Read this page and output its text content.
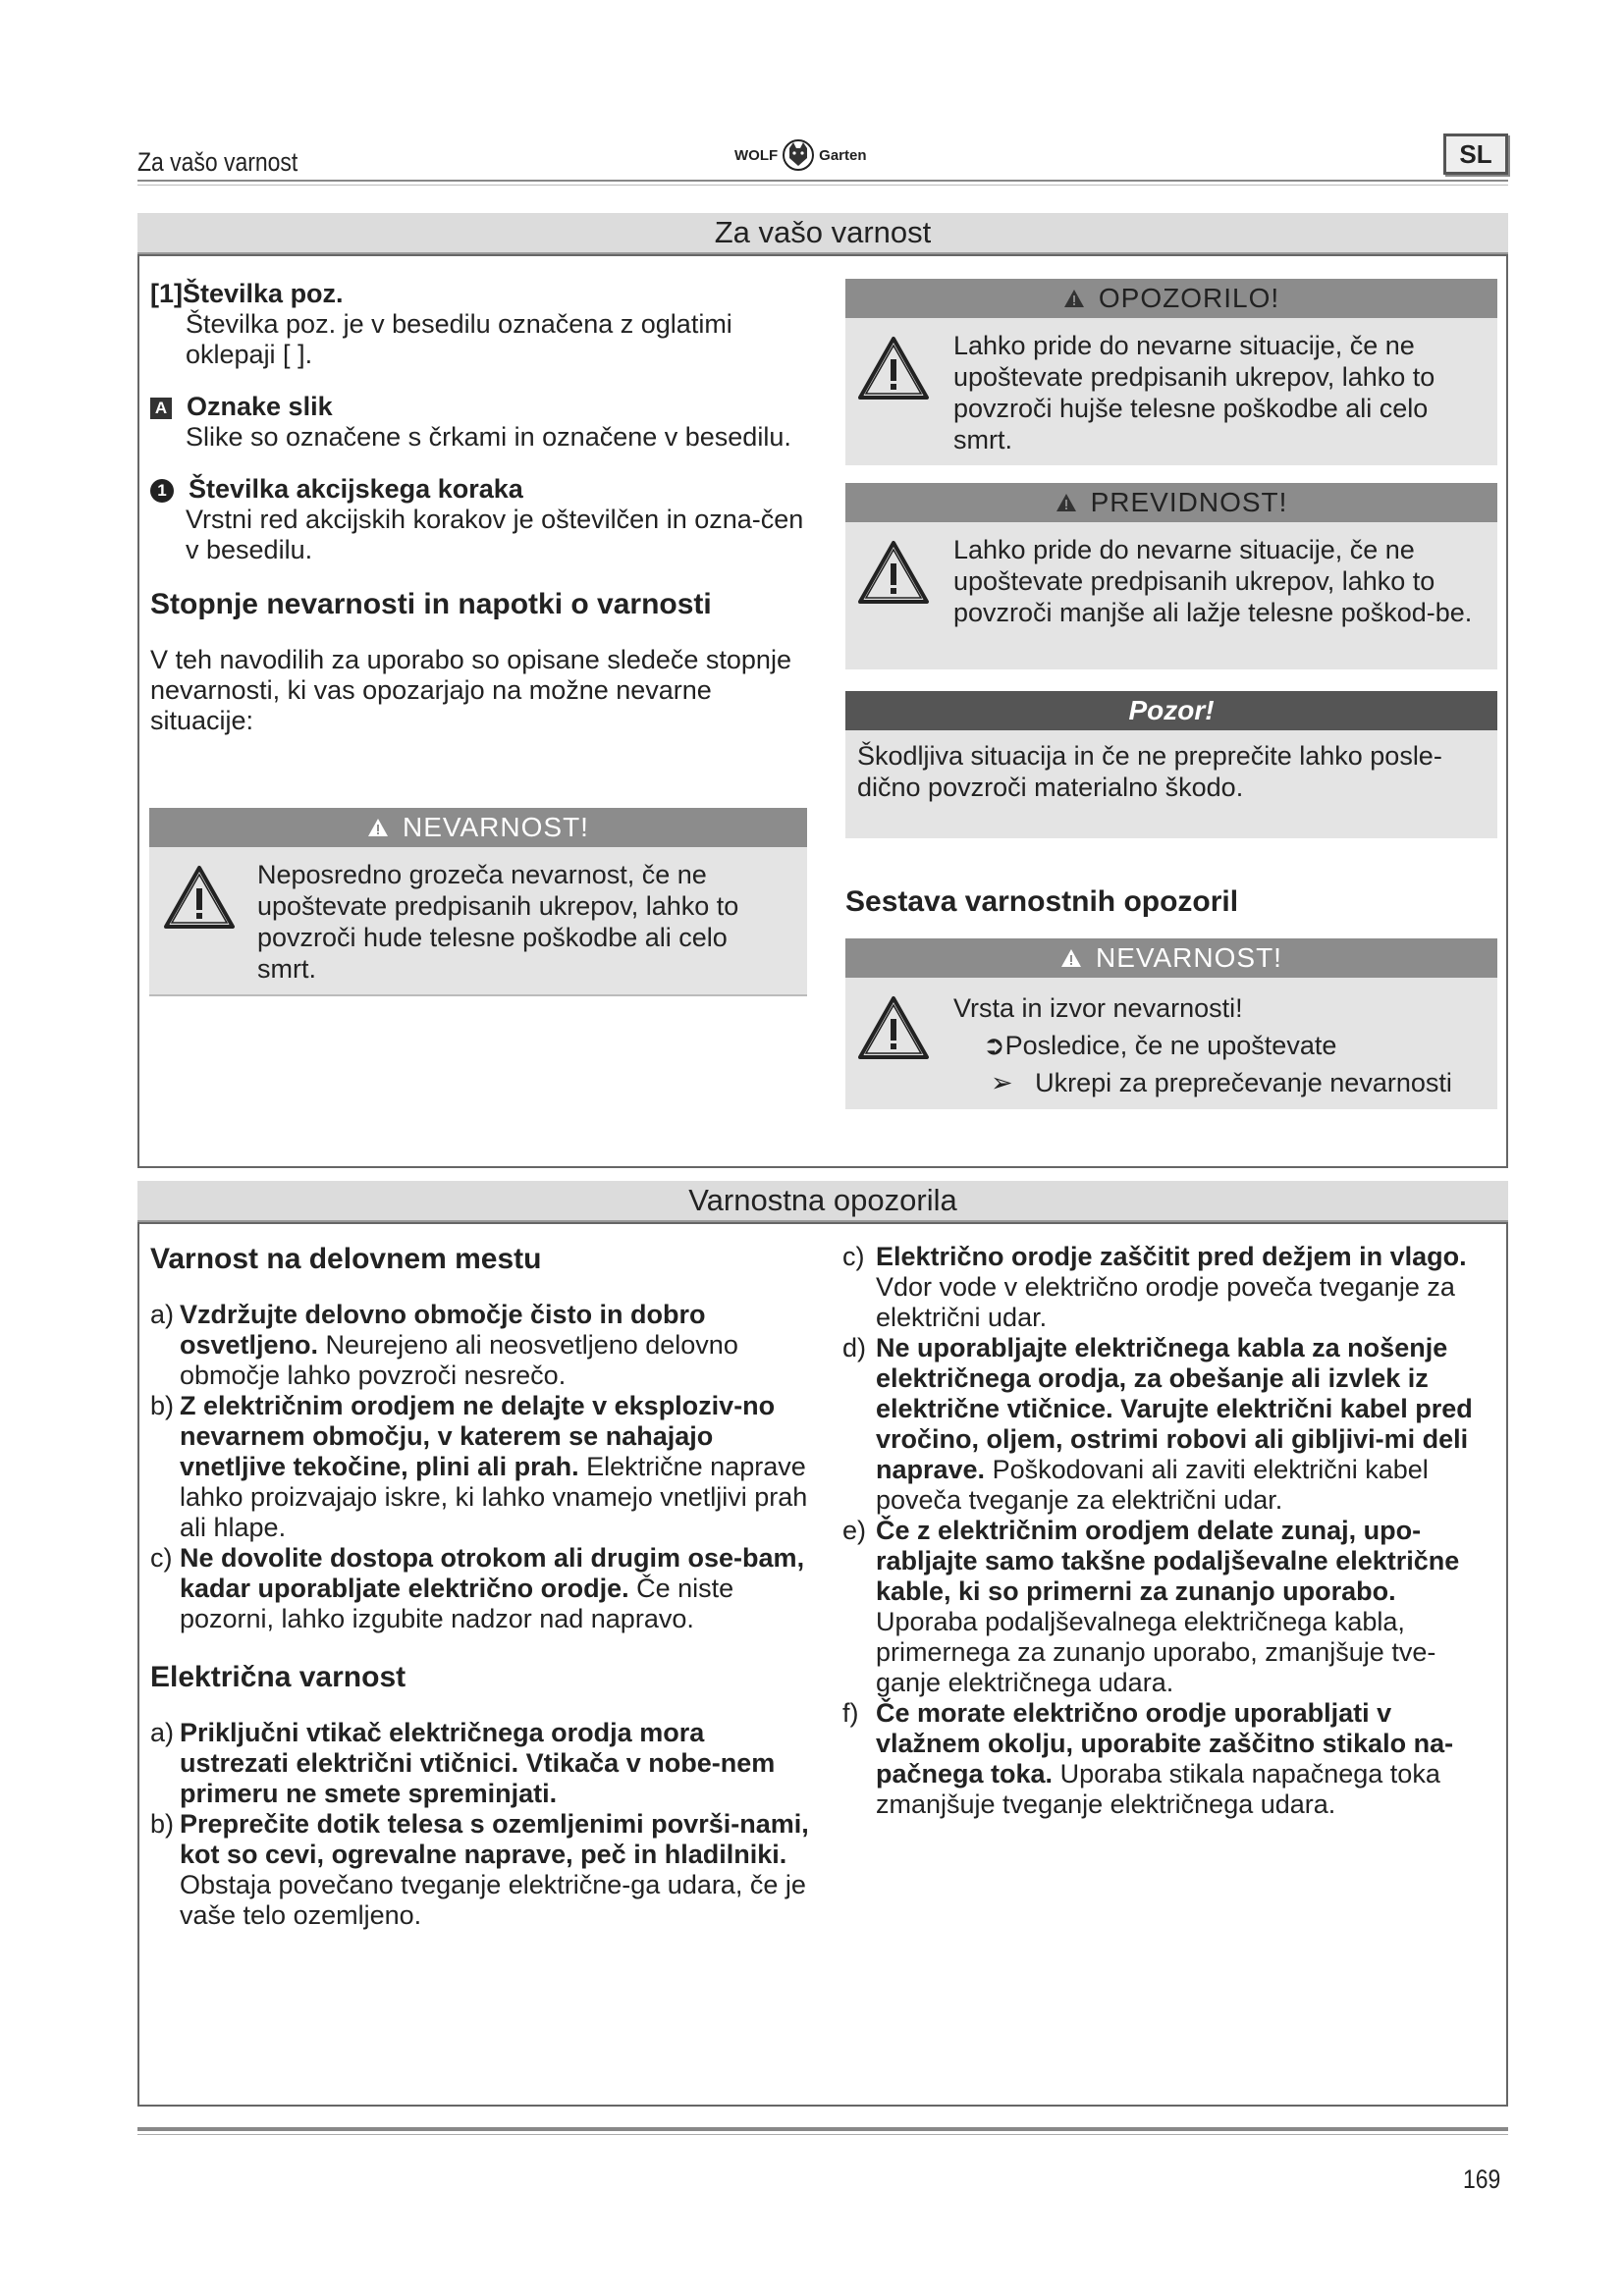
Za vašo varnost	WOLF	Garten	SL
Za vašo varnost
[1]Številka poz.
Številka poz. je v besedilu označena z oglatimi oklepaji [ ].
A Oznake slik
Slike so označene s črkami in označene v besedilu.
1 Številka akcijskega koraka
Vrstni red akcijskih korakov je oštevilčen in ozna-čen v besedilu.
Stopnje nevarnosti in napotki o varnosti
V teh navodilih za uporabo so opisane sledeče stopnje nevarnosti, ki vas opozarjajo na možne nevarne situacije:
NEVARNOST!
Neposredno grozeča nevarnost, če ne upoštevate predpisanih ukrepov, lahko to povzroči hude telesne poškodbe ali celo smrt.
OPOZORILO!
Lahko pride do nevarne situacije, če ne upoštevate predpisanih ukrepov, lahko to povzroči hujše telesne poškodbe ali celo smrt.
PREVIDNOST!
Lahko pride do nevarne situacije, če ne upoštevate predpisanih ukrepov, lahko to povzroči manjše ali lažje telesne poškod-be.
Pozor!
Škodljiva situacija in če ne preprečite lahko posle-dično povzroči materialno škodo.
Sestava varnostnih opozoril
NEVARNOST!
Vrsta in izvor nevarnosti!
➲Posledice, če ne upoštevate
➢ Ukrepi za preprečevanje nevarnosti
Varnostna opozorila
Varnost na delovnem mestu
a) Vzdržujte delovno območje čisto in dobro osvetljeno. Neurejeno ali neosvetljeno delovno območje lahko povzroči nesrečo.
b) Z električnim orodjem ne delajte v eksploziv-no nevarnem območju, v katerem se nahajajo vnetljive tekočine, plini ali prah. Električne naprave lahko proizvajajo iskre, ki lahko vnamejo vnetljivi prah ali hlape.
c) Ne dovolite dostopa otrokom ali drugim ose-bam, kadar uporabljate električno orodje. Če niste pozorni, lahko izgubite nadzor nad napravo.
Električna varnost
a) Priključni vtikač električnega orodja mora ustrezati električni vtičnici. Vtikača v nobe-nem primeru ne smete spreminjati.
b) Preprečite dotik telesa s ozemljenimi površi-nami, kot so cevi, ogrevalne naprave, peč in hladilniki. Obstaja povečano tveganje električne-ga udara, če je vaše telo ozemljeno.
c) Električno orodje zaščitit pred dežjem in vlago. Vdor vode v električno orodje poveča tveganje za električni udar.
d) Ne uporabljajte električnega kabla za nošenje električnega orodja, za obešanje ali izvlek iz električne vtičnice. Varujte električni kabel pred vročino, oljem, ostrimi robovi ali gibljivi-mi deli naprave. Poškodovani ali zaviti električni kabel poveča tveganje za električni udar.
e) Če z električnim orodjem delate zunaj, upo-rabljajte samo takšne podaljševalne električne kable, ki so primerni za zunanjo uporabo. Uporaba podaljševalnega električnega kabla, primernega za zunanjo uporabo, zmanjšuje tve-ganje električnega udara.
f) Če morate električno orodje uporabljati v vlažnem okolju, uporabite zaščitno stikalo na-pačnega toka. Uporaba stikala napačnega toka zmanjšuje tveganje električnega udara.
169
